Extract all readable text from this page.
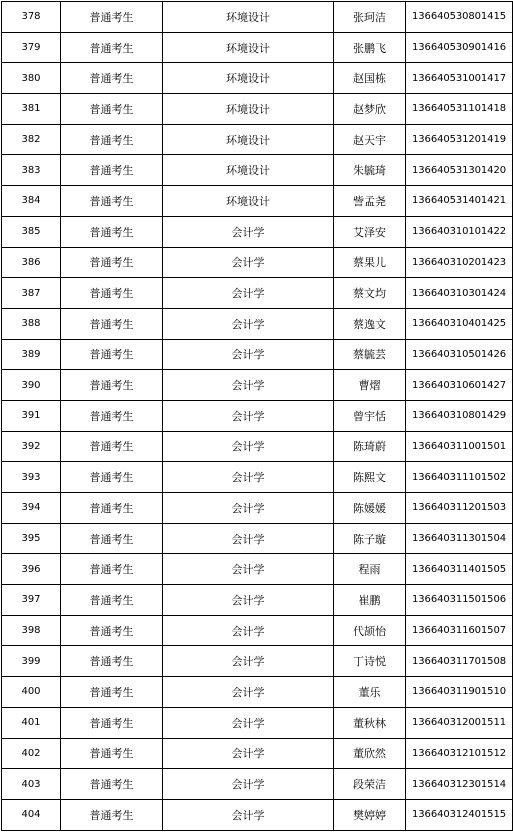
378	普通考生	环境设计	张珂洁	136640530801415
379	普通考生	环境设计	张鹏飞	136640530901416
380	普通考生	环境设计	赵国栋	136640531001417
381	普通考生	环境设计	赵梦欣	136640531101418
382	普通考生	环境设计	赵天宇	136640531201419
383	普通考生	环境设计	朱毓琦	136640531301420
384	普通考生	环境设计	訾孟尧	136640531401421
385	普通考生	会计学	艾泽安	136640310101422
386	普通考生	会计学	蔡果儿	136640310201423
387	普通考生	会计学	蔡文均	136640310301424
388	普通考生	会计学	蔡逸文	136640310401425
389	普通考生	会计学	蔡毓芸	136640310501426
390	普通考生	会计学	曹熠	136640310601427
391	普通考生	会计学	曾宇恬	136640310801429
392	普通考生	会计学	陈琦蔚	136640311001501
393	普通考生	会计学	陈熙文	136640311101502
394	普通考生	会计学	陈媛媛	136640311201503
395	普通考生	会计学	陈子璇	136640311301504
396	普通考生	会计学	程雨	136640311401505
397	普通考生	会计学	崔鹏	136640311501506
398	普通考生	会计学	代颉怡	136640311601507
399	普通考生	会计学	丁诗悦	136640311701508
400	普通考生	会计学	董乐	136640311901510
401	普通考生	会计学	董秋林	136640312001511
402	普通考生	会计学	董欣然	136640312101512
403	普通考生	会计学	段荣洁	136640312301514
404	普通考生	会计学	樊婷婷	136640312401515
